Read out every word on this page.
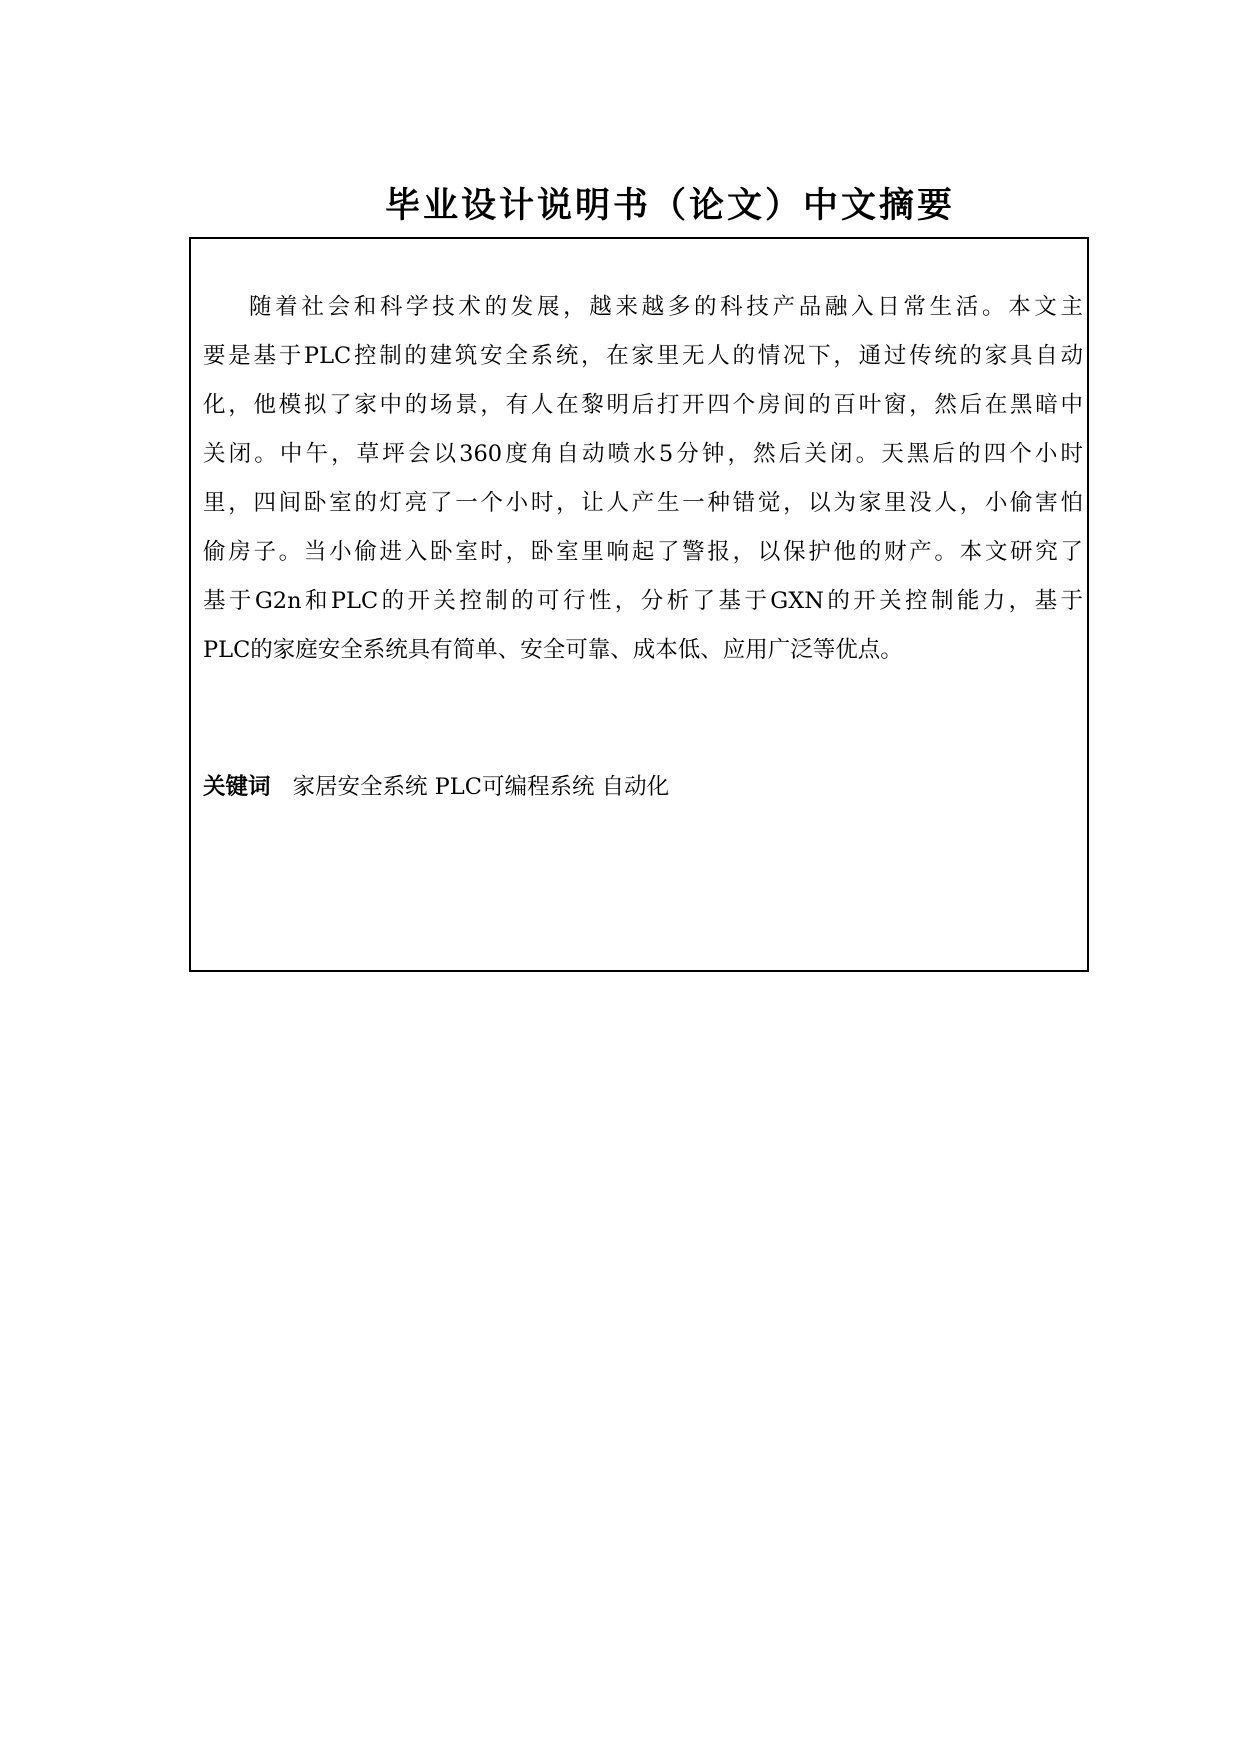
毕业设计说明书（论文）中文摘要
随着社会和科学技术的发展，越来越多的科技产品融入日常生活。本文主
要是基于PLC控制的建筑安全系统，在家里无人的情况下，通过传统的家具自动
化，他模拟了家中的场景，有人在黎明后打开四个房间的百叶窗，然后在黑暗中
关闭。中午，草坪会以360度角自动喷水5分钟，然后关闭。天黑后的四个小时
里，四间卧室的灯亮了一个小时，让人产生一种错觉，以为家里没人，小偷害怕
偷房子。当小偷进入卧室时，卧室里响起了警报，以保护他的财产。本文研究了
基于G2n和PLC的开关控制的可行性，分析了基于GXN的开关控制能力，基于
PLC的家庭安全系统具有简单、安全可靠、成本低、应用广泛等优点。
关键词 家居安全系统 PLC可编程系统 自动化
